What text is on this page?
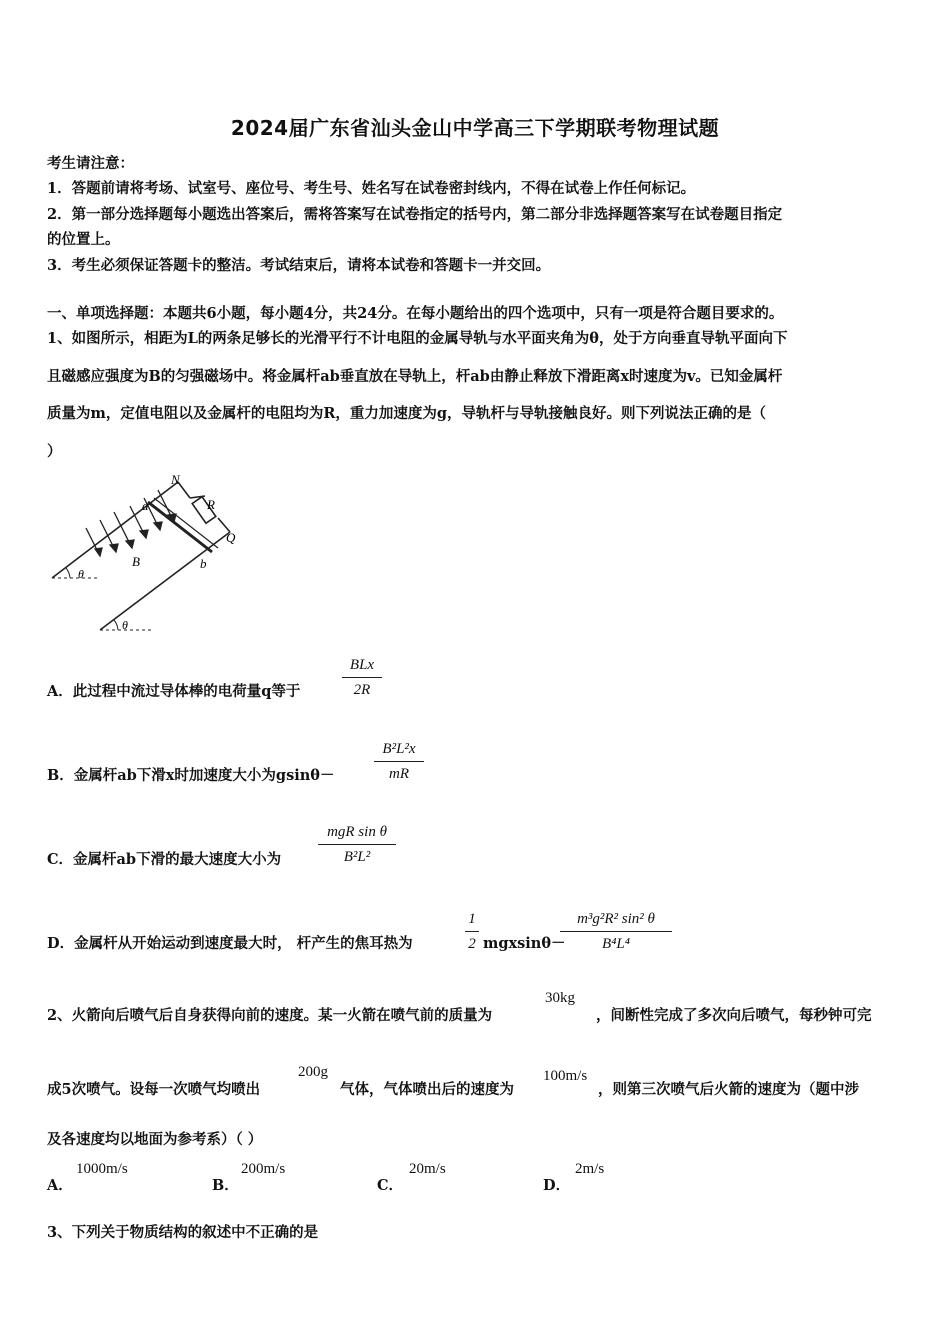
2024届广东省汕头金山中学高三下学期联考物理试题
考生请注意：
1．答题前请将考场、试室号、座位号、考生号、姓名写在试卷密封线内，不得在试卷上作任何标记。
2．第一部分选择题每小题选出答案后，需将答案写在试卷指定的括号内，第二部分非选择题答案写在试卷题目指定
的位置上。
3．考生必须保证答题卡的整洁。考试结束后，请将本试卷和答题卡一并交回。
一、单项选择题：本题共6小题，每小题4分，共24分。在每小题给出的四个选项中，只有一项是符合题目要求的。
1、如图所示，相距为L的两条足够长的光滑平行不计电阻的金属导轨与水平面夹角为θ，处于方向垂直导轨平面向下
且磁感应强度为B的匀强磁场中。将金属杆ab垂直放在导轨上，杆ab由静止释放下滑距离x时速度为v。已知金属杆
质量为m，定值电阻以及金属杆的电阻均为R，重力加速度为g，导轨杆与导轨接触良好。则下列说法正确的是（
）
N
R
Q
a
B	b
θ
θ
A．此过程中流过导体棒的电荷量q等于
BLx
2R
B．金属杆ab下滑x时加速度大小为gsinθ－
B²L²x
mR
C．金属杆ab下滑的最大速度大小为
mgR sin θ
B²L²
D．金属杆从开始运动到速度最大时， 杆产生的焦耳热为
1
2 mgxsinθ－
m³g²R² sin² θ
B⁴L⁴
2、火箭向后喷气后自身获得向前的速度。某一火箭在喷气前的质量为
30kg
，间断性完成了多次向后喷气，每秒钟可完
成5次喷气。设每一次喷气均喷出
200g
气体，气体喷出后的速度为
100m/s
，则第三次喷气后火箭的速度为（题中涉
及各速度均以地面为参考系）（ ）
A．
1000m/s
B．
200m/s
C．
20m/s
D．
2m/s
3、下列关于物质结构的叙述中不正确的是
